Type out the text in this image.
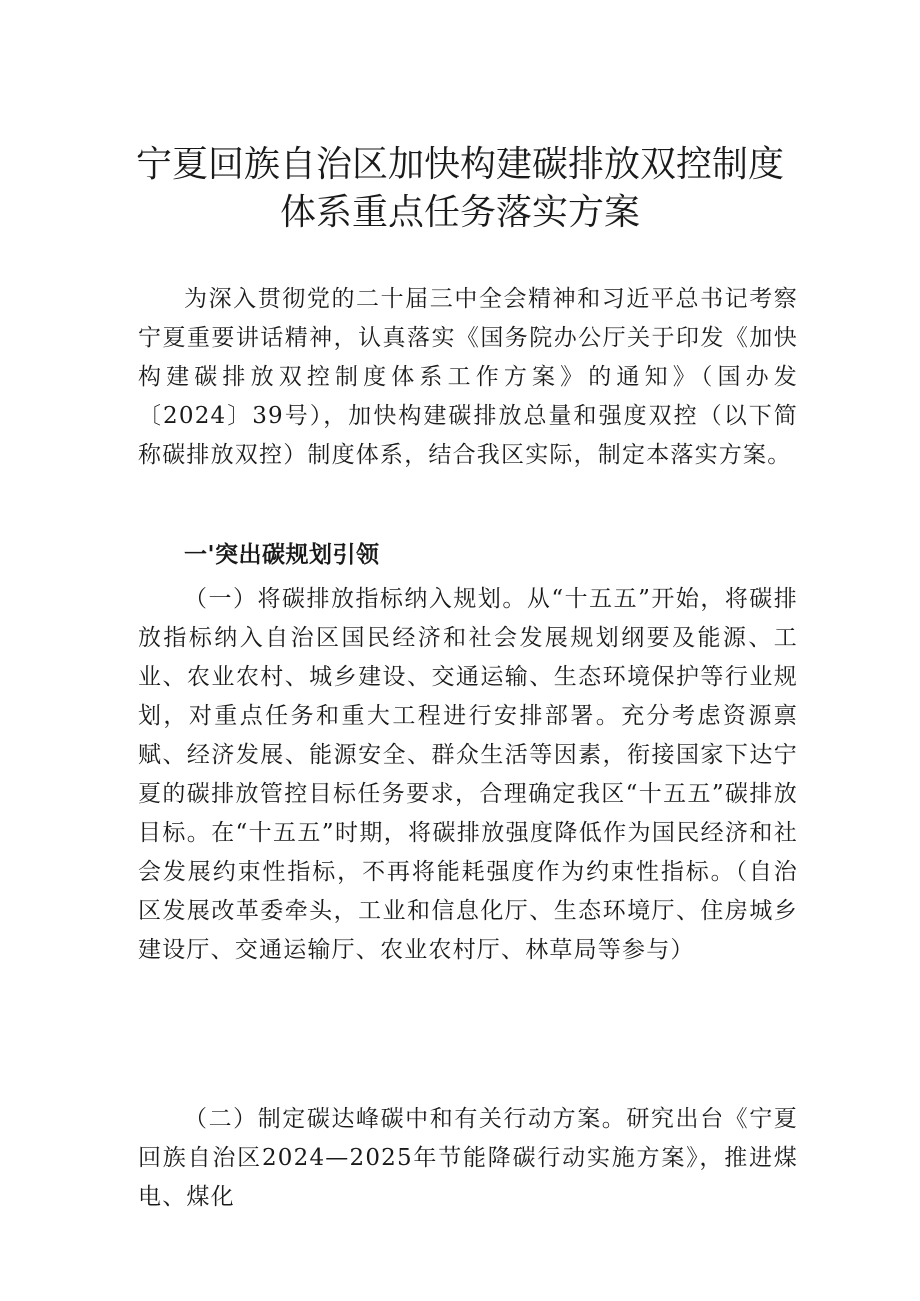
宁夏回族自治区加快构建碳排放双控制度
体系重点任务落实方案

为深入贯彻党的二十届三中全会精神和习近平总书记考察宁夏重要讲话精神，认真落实《国务院办公厅关于印发《加快构建碳排放双控制度体系工作方案》的通知》（国办发〔2024〕39号），加快构建碳排放总量和强度双控（以下简称碳排放双控）制度体系，结合我区实际，制定本落实方案。

一'突出碳规划引领

（一）将碳排放指标纳入规划。从“十五五”开始，将碳排放指标纳入自治区国民经济和社会发展规划纲要及能源、工业、农业农村、城乡建设、交通运输、生态环境保护等行业规划，对重点任务和重大工程进行安排部署。充分考虑资源禀赋、经济发展、能源安全、群众生活等因素，衔接国家下达宁夏的碳排放管控目标任务要求，合理确定我区“十五五”碳排放目标。在“十五五”时期，将碳排放强度降低作为国民经济和社会发展约束性指标，不再将能耗强度作为约束性指标。（自治区发展改革委牵头，工业和信息化厅、生态环境厅、住房城乡建设厅、交通运输厅、农业农村厅、林草局等参与）

（二）制定碳达峰碳中和有关行动方案。研究出台《宁夏回族自治区2024—2025年节能降碳行动实施方案》，推进煤电、煤化
